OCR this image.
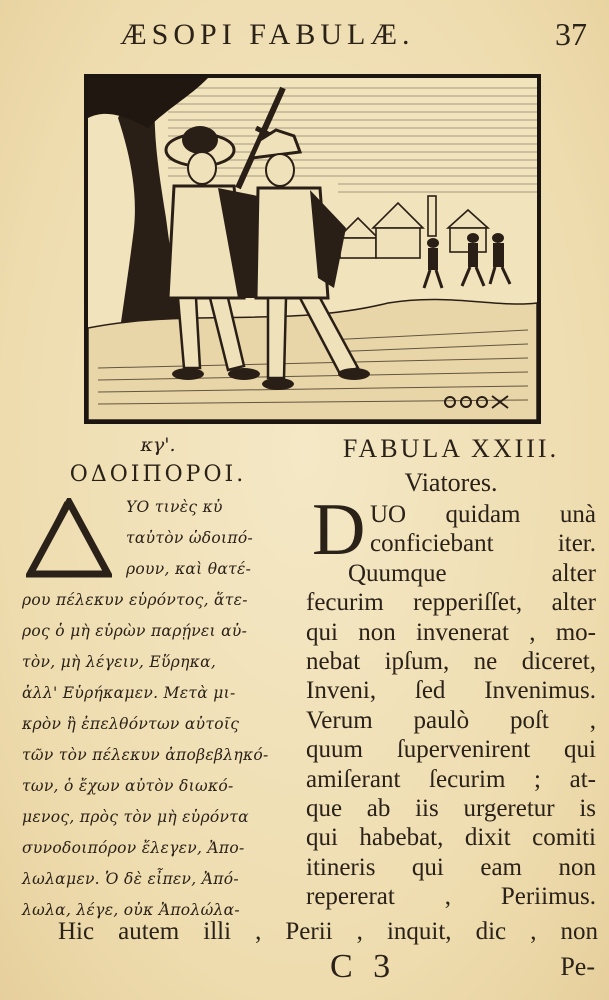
ÆSOPI FABULÆ.	37
κγ'.
ΟΔΟΙΠΟΡΟΙ.
ΥΟ τινὲς κὐ
ταὐτὸν ὡδοιπό-
ρουν, καὶ θατέ-
ρου πέλεκυν εὑρόντος, ἅτε-
ρος ὁ μὴ εὑρὼν παρῄνει αὐ-
τὸν, μὴ λέγειν, Εὕρηκα,
ἀλλ' Εὑρήκαμεν. Μετὰ μι-
κρὸν ἢ ἐπελθόντων αὐτοῖς
τῶν τὸν πέλεκυν ἀποβεβληκό-
των, ὁ ἔχων αὐτὸν διωκό-
μενος, πρὸς τὸν μὴ εὑρόντα
συνοδοιπόρον ἔλεγεν, Ἀπο-
λωλαμεν. Ὁ δὲ εἶπεν, Ἀπό-
λωλα, λέγε, οὐκ Ἀπολώλα-
FABULA XXIII.
Viatores.
D UO quidam unà
conficiebant iter.
Quumque alter
fecurim repperiſſet, alter
qui non invenerat , mo-
nebat ipſum, ne diceret,
Inveni, ſed Invenimus.
Verum paulò poſt ,
quum ſupervenirent qui
amiſerant ſecurim ; at-
que ab iis urgeretur is
qui habebat, dixit comiti
itineris qui eam non
repererat , Periimus.
Hic autem illi , Perii , inquit, dic , non
C 3	Pe-
